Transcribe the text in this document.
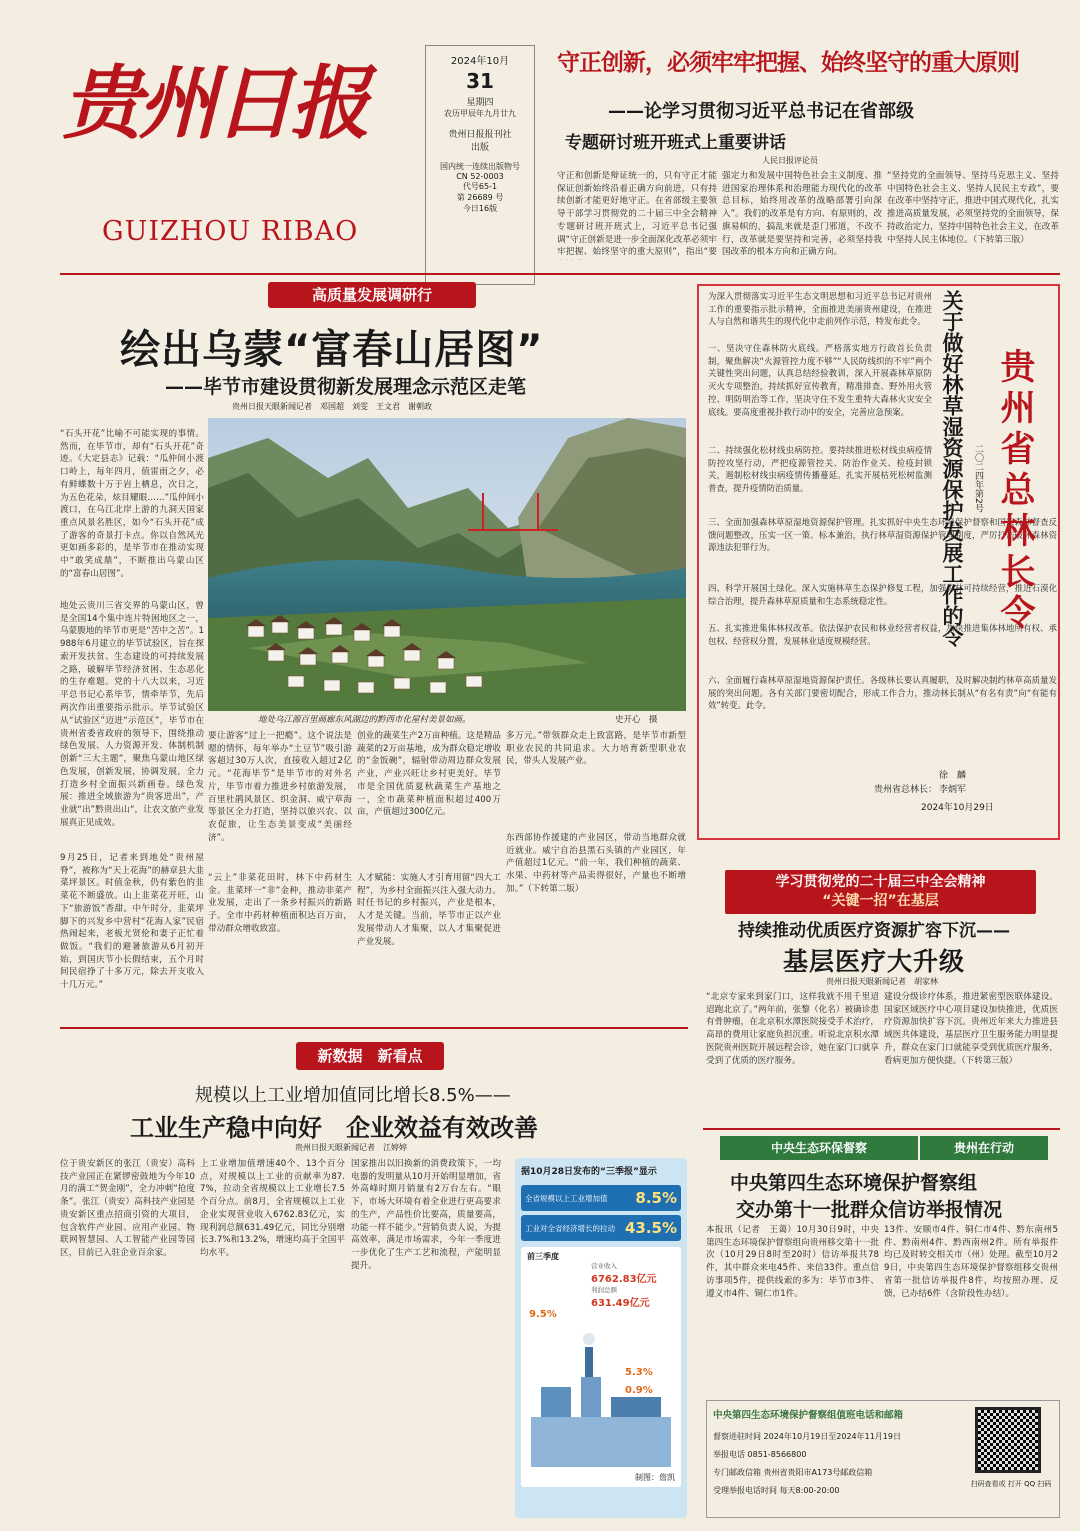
贵州日报
GUIZHOU RIBAO
2024年10月
31
星期四
农历甲辰年九月廿九
贵州日报报刊社
出版
国内统一连续出版物号
CN 52-0003
代号65-1
第 26689 号
今日16版
守正创新，必须牢牢把握、始终坚守的重大原则
——论学习贯彻习近平总书记在省部级
专题研讨班开班式上重要讲话
人民日报评论员
守正和创新是辩证统一的，只有守正才能保证创新始终沿着正确方向前进，只有持续创新才能更好地守正。在省部级主要领导干部学习贯彻党的二十届三中全会精神专题研讨班开班式上，习近平总书记强调“守正创新是进一步全面深化改革必须牢牢把握、始终坚守的重大原则”，指出“要
强定力和发展中国特色社会主义制度、推进国家治理体系和治理能力现代化的改革总目标，始终用改革的战略部署引向深入”。我们的改革是有方向、有原则的，改旗易帜的，搞乱来就是歪门邪道，不改不行，改革就是要坚持和完善，必须坚持我国改革的根本方向和正确方向。
“坚持党的全面领导、坚持马克思主义、坚持中国特色社会主义、坚持人民民主专政”，要在改革中坚持守正，推进中国式现代化，扎实推进高质量发展，必须坚持党的全面领导，保持政治定力，坚持中国特色社会主义，在改革中坚持人民主体地位。（下转第三版）
高质量发展调研行
绘出乌蒙“富春山居图”
——毕节市建设贯彻新发展理念示范区走笔
贵州日报天眼新闻记者　邓国超　刘雯　王文君　谢朝政
地处乌江源百里画廊东风湖边的黔西市化屋村美景如画。	史开心　摄
“石头开花”比喻不可能实现的事情。然而，在毕节市，却有“石头开花”奇迹。《大定县志》记载：“瓜仲间小渡口岭上，每年四月，值雷雨之夕，必有鲜蝶数十万于岩上栖息，次日之，为五色花朵，炫目耀眼……”瓜仲间小渡口，在乌江北岸上游的九洞天国家重点风景名胜区，如今“石头开花”成了游客的奇景打卡点。你以自然风光更如画多彩的，是毕节市在推动实现中“敢笑成鼎”，不断推出乌蒙山区的“富春山居图”。
地处云贵川三省交界的乌蒙山区，曾是全国14个集中连片特困地区之一，乌蒙腹地的毕节市更是“苦中之苦”。1988年6月建立的毕节试验区，旨在探索开发扶贫、生态建设的可持续发展之路，破解毕节经济贫困、生态恶化的生存难题。党的十八大以来，习近平总书记心系毕节，情牵毕节，先后两次作出重要指示批示。毕节试验区
从“试验区”迈进“示范区”，毕节市在贵州省委省政府的领导下，围绕推动绿色发展、人力资源开发、体制机制创新“三大主题”，聚焦乌蒙山地区绿色发展，创新发展，协调发展，全力打造乡村全面振兴新画卷。绿色发展：推进全域旅游为“贵客进出”，产业就“出”黔贵出山“，让农文旅产业发展真正见成效。
9月25日，记者来到地处“贵州屋脊”，被称为“天上花海”的赫章县大韭菜坪景区。时值金秋，仍有紫色的韭菜花不断盛放。山上韭菜花开旺，山下“旅游饭”香甜。中午时分，韭菜坪脚下的兴发乡中营村“花海人家”民宿热闹起来，老板尤贤伦和妻子正忙着做饭。“我们的避暑旅游从6月初开始，到国庆节小长假结束，五个月时间民宿挣了十多万元，除去开支收入十几万元。”
要让游客“过上一把瘾”。这个说法是嗯的情怀，每年举办“土豆节”吸引游客超过30万人次，直接收入超过2亿元。“花海毕节”是毕节市的对外名片，毕节市着力推进乡村旅游发展，百里杜鹃风景区、织金洞、威宁草海等景区全力打造，坚持以旅兴农、以农促旅，让生态美景变成“美丽经济”。
“云上”非菜花田时，林下中药材生金。韭菜坪一“非”金种，推动非菜产业发展，走出了一条乡村振兴的新路子。全市中药材种植面积达百万亩，带动群众增收致富。
创业的蔬菜生产2万亩种植。这是精品蔬菜的2万亩基地，成为群众稳定增收的“金饭碗”，辐射带动周边群众发展产业，产业兴旺让乡村更美好。毕节市是全国优质夏秋蔬菜生产基地之一，全市蔬菜种植面积超过400万亩，产值超过300亿元。
人才赋能：实施人才引育用留“四大工程”，为乡村全面振兴注入强大动力。时任书记的乡村振兴，产业是根本，人才是关键。当前，毕节市正以产业发展带动人才集聚，以人才集聚促进产业发展。
多万元。”带领群众走上致富路，是毕节市新型职业农民的共同追求。大力培育新型职业农民，带头人发展产业。
东西部协作援建的产业园区，带动当地群众就近就业。威宁自治县黑石头镇的产业园区，年产值超过1亿元。“前一年，我们种植的蔬菜、水果、中药材等产品卖得很好，产量也不断增加。”（下转第二版）
为深入贯彻落实习近平生态文明思想和习近平总书记对贵州工作的重要指示批示精神，全面推进美丽贵州建设，在推进人与自然和谐共生的现代化中走前列作示范，特发布此令。
一、坚决守住森林防火底线。严格落实地方行政首长负责制，聚焦解决“火源管控力度不够”“人民防线织的不牢”两个关键性突出问题，认真总结经验教训，深入开展森林草原防灭火专项整治，持续抓好宣传教育，精准排查、野外用火管控、明防明治等工作，坚决守住不发生重特大森林火灾安全底线。要高度重视扑救行动中的安全，完善应急预案。
二、持续强化松材线虫病防控。要持续推进松材线虫病疫情防控攻坚行动，严把疫源管控关、防治作业关、检疫封锁关，遏制松材线虫病疫情传播蔓延。扎实开展枯死松树监测普查，提升疫情防治质量。
三、全面加强森林草原湿地资源保护管理。扎实抓好中央生态环境保护督察和国家森林督查反馈问题整改，压实一区一策、标本兼治，执行林草湿资源保护管理制度，严厉打击破坏森林资源违法犯罪行为。
四、科学开展国土绿化。深入实施林草生态保护修复工程，加强森林可持续经营，推进石漠化综合治理，提升森林草原质量和生态系统稳定性。
五、扎实推进集体林权改革。依法保护农民和林业经营者权益，加快推进集体林地所有权、承包权、经营权分置，发展林业适度规模经营。
六、全面履行森林草原湿地资源保护责任。各级林长要认真履职，及时解决制约林草高质量发展的突出问题。各有关部门要密切配合，形成工作合力，推动林长制从“有名有责”向“有能有效”转变。此令。
关于做好林草湿资源保护发展工作的令 二〇二四年第2号 贵州省总林长令
徐　麟
贵州省总林长： 李炳军
2024年10月29日
学习贯彻党的二十届三中全会精神
“关键一招”在基层
持续推动优质医疗资源扩容下沉——
基层医疗大升级
贵州日报天眼新闻记者　胡家林
“北京专家来到家门口，这样我就不用千里迢迢跑北京了。”两年前，张黎（化名）被确诊患有骨肿瘤，在北京积水潭医院接受手术治疗，高昂的费用让家庭负担沉重。听说北京积水潭医院贵州医院开展远程会诊，她在家门口就享受到了优质的医疗服务。
建设分级诊疗体系，推进紧密型医联体建设。国家区域医疗中心项目建设加快推进，优质医疗资源加快扩容下沉。贵州近年来大力推进县域医共体建设，基层医疗卫生服务能力明显提升，群众在家门口就能享受到优质医疗服务，看病更加方便快捷。（下转第三版）
新数据　新看点
规模以上工业增加值同比增长8.5%——
工业生产稳中向好　企业效益有效改善
贵州日报天眼新闻记者　江婷婷
位于贵安新区的张江（贵安）高科技产业园正在紧锣密鼓地为今年10月的满工“贺金刚”，全力冲刺“抢度条”。张江（贵安）高科技产业园是贵安新区重点招商引资的大项目，包含软件产业园、应用产业园、物联网智慧园、人工智能产业园等园区，目前已入驻企业百余家。
上工业增加值增速40个、13个百分点，对规模以上工业的贡献率为87.7%，拉动全省规模以上工业增长7.5个百分点。前8月，全省规模以上工业企业实现营业收入6762.83亿元，实现利润总额631.49亿元，同比分别增长3.7%和13.2%，增速均高于全国平均水平。
国家推出以旧换新的消费政策下，一均电器的发明量从10月开始明显增加，省外高峰时期月销量有2万台左右。“眼下，市场大环境有着全业进行更高要求的生产，产品性价比要高，质量要高，功能一样不能少。”营销负责人说，为提高效率，满足市场需求，今年一季度进一步优化了生产工艺和流程，产能明显提升。
据10月28日发布的“三季报”显示
全省规模以上工业增加值	8.5%
工业对全省经济增长的拉动 43.5%
前三季度
营业收入
6762.83亿元
利润总额
631.49亿元
9.5%
5.3%
0.9%
制图：詹凯
中央生态环保督察	贵州在行动
中央第四生态环境保护督察组
交办第十一批群众信访举报情况
本报讯（记者　王蔼）10月30日9时，中央第四生态环境保护督察组向贵州移交第十一批次（10月29日8时至20时）信访举报共78件，其中群众来电45件、来信33件。重点信访事项5件，提供线索的多为：毕节市3件、遵义市4件、铜仁市1件。
13件、安顺市4件、铜仁市4件、黔东南州5件、黔南州4件、黔西南州2件。所有举报件均已及时转交相关市（州）处理。截至10月29日，中央第四生态环境保护督察组移交贵州省第一批信访举报件8件，均按照办理、反馈，已办结6件（含阶段性办结）。
中央第四生态环境保护督察组值班电话和邮箱
督察进驻时间 2024年10月19日至2024年11月19日
举报电话 0851-8566800
专门邮政信箱 贵州省贵阳市A173号邮政信箱
受理举报电话时间 每天8:00-20:00
扫码查看或 打开 QQ 扫码
